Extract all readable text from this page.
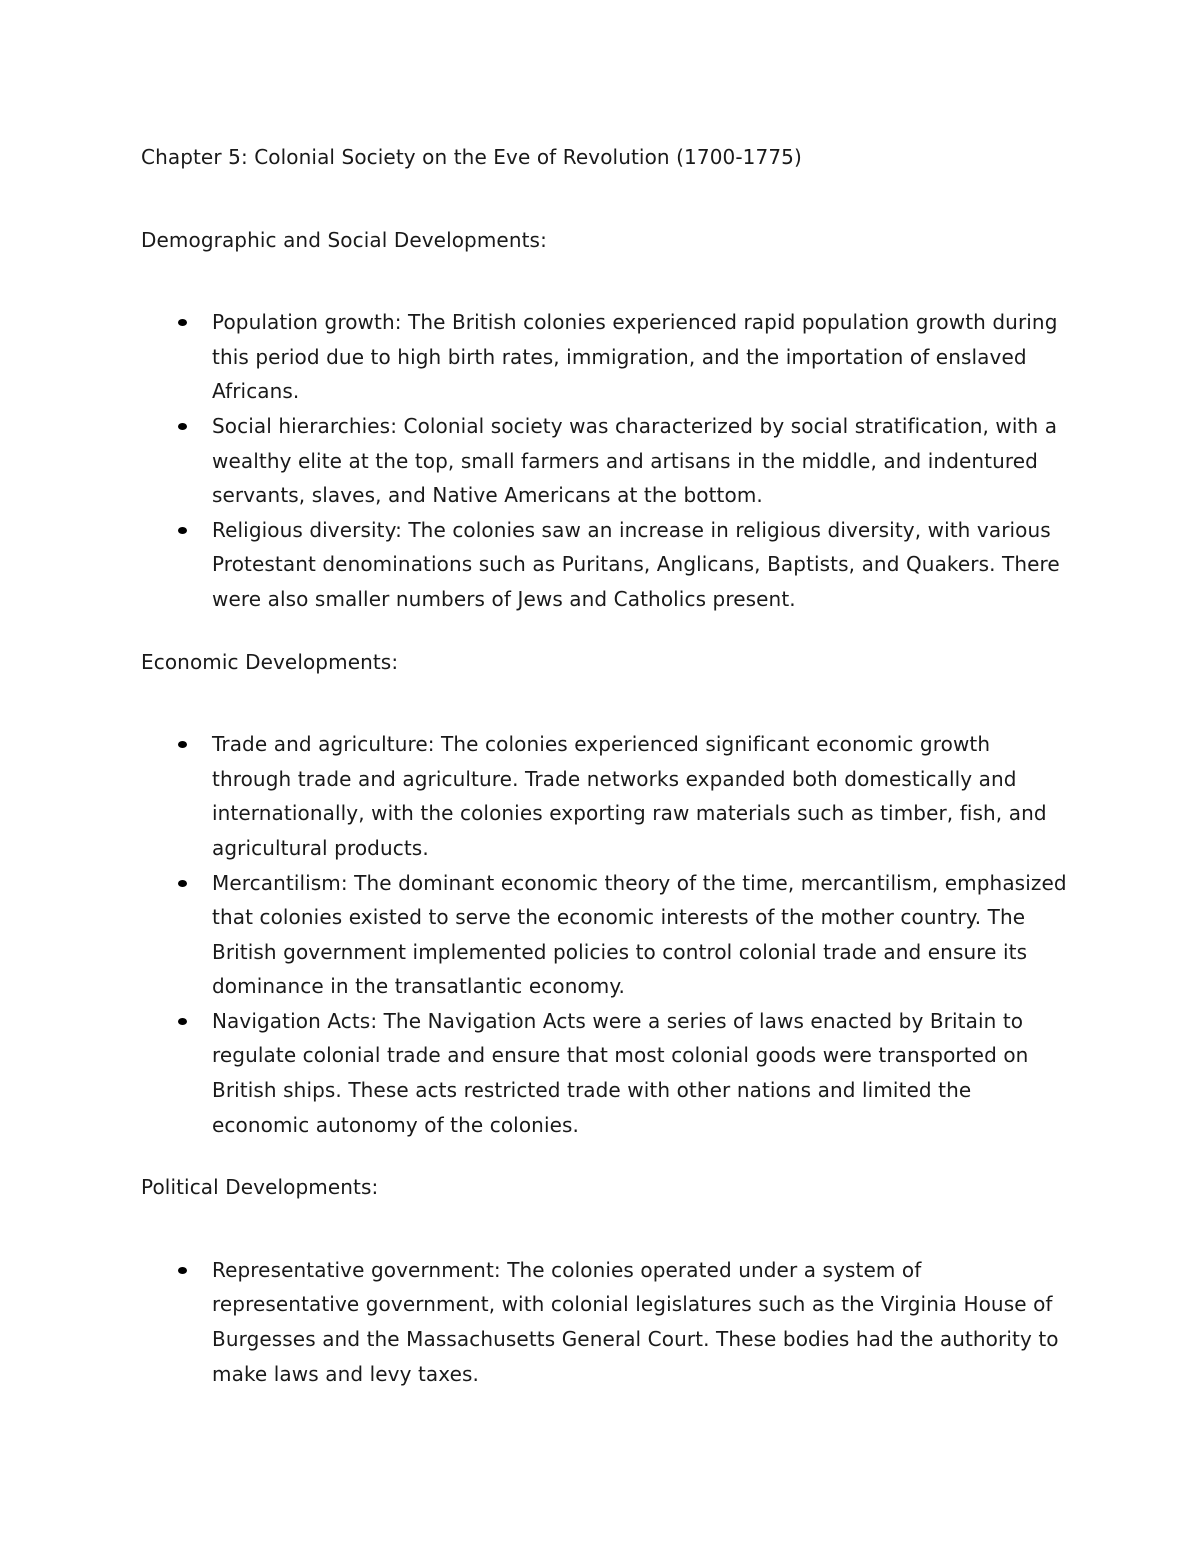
Chapter 5: Colonial Society on the Eve of Revolution (1700-1775)
Demographic and Social Developments:
Population growth: The British colonies experienced rapid population growth during this period due to high birth rates, immigration, and the importation of enslaved Africans.
Social hierarchies: Colonial society was characterized by social stratification, with a wealthy elite at the top, small farmers and artisans in the middle, and indentured servants, slaves, and Native Americans at the bottom.
Religious diversity: The colonies saw an increase in religious diversity, with various Protestant denominations such as Puritans, Anglicans, Baptists, and Quakers. There were also smaller numbers of Jews and Catholics present.
Economic Developments:
Trade and agriculture: The colonies experienced significant economic growth through trade and agriculture. Trade networks expanded both domestically and internationally, with the colonies exporting raw materials such as timber, fish, and agricultural products.
Mercantilism: The dominant economic theory of the time, mercantilism, emphasized that colonies existed to serve the economic interests of the mother country. The British government implemented policies to control colonial trade and ensure its dominance in the transatlantic economy.
Navigation Acts: The Navigation Acts were a series of laws enacted by Britain to regulate colonial trade and ensure that most colonial goods were transported on British ships. These acts restricted trade with other nations and limited the economic autonomy of the colonies.
Political Developments:
Representative government: The colonies operated under a system of representative government, with colonial legislatures such as the Virginia House of Burgesses and the Massachusetts General Court. These bodies had the authority to make laws and levy taxes.
